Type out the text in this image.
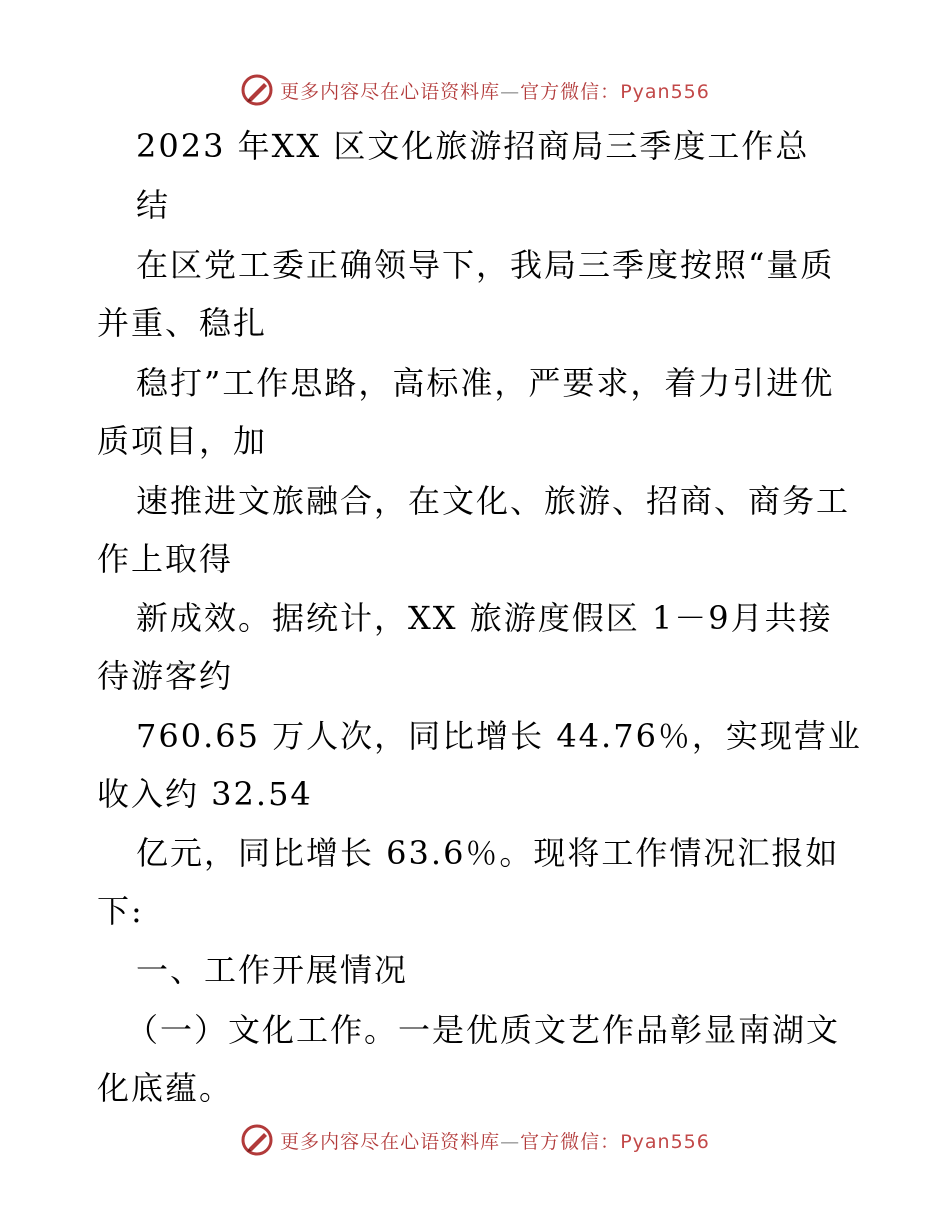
更多内容尽在心语资料库—官方微信：Pyan556
2023 年XX 区文化旅游招商局三季度工作总
结
在区党工委正确领导下，我局三季度按照“量质
并重、稳扎
稳打”工作思路，高标准，严要求，着力引进优
质项目，加
速推进文旅融合，在文化、旅游、招商、商务工
作上取得
新成效。据统计，XX 旅游度假区 1－9月共接
待游客约
760.65 万人次，同比增长 44.76％，实现营业
收入约 32.54
亿元，同比增长 63.6％。现将工作情况汇报如
下:
一、工作开展情况
（一）文化工作。一是优质文艺作品彰显南湖文
化底蕴。
更多内容尽在心语资料库—官方微信：Pyan556
